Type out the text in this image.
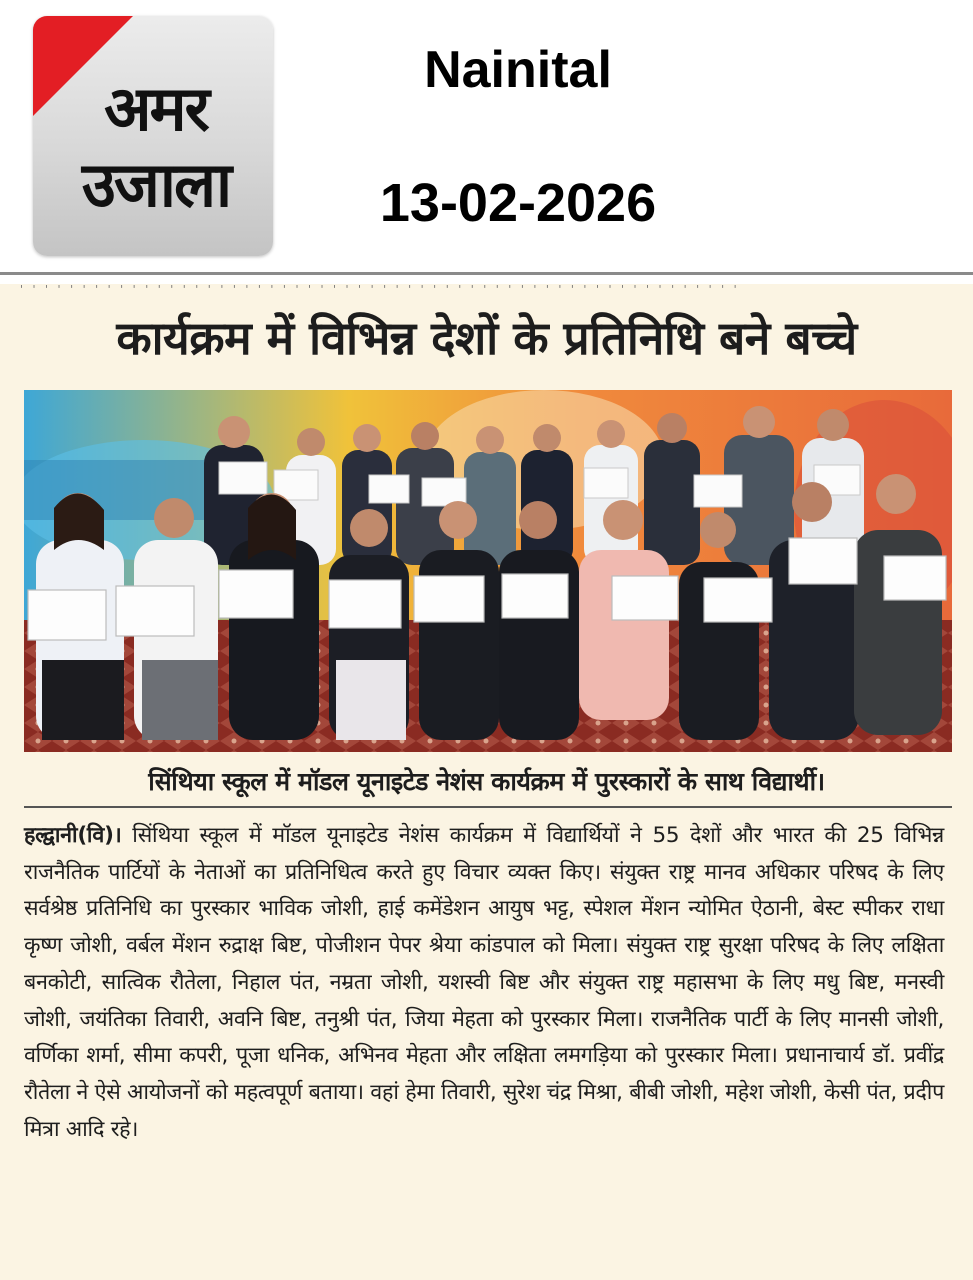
अमर
उजाला
Nainital
13-02-2026
' ' ' ' ' ' ' ' ' ' ' ' ' ' ' ' ' ' ' ' ' ' ' ' ' ' ' ' ' ' ' ' ' ' ' ' ' ' ' ' ' ' ' ' ' ' ' ' ' ' ' ' ' ' ' ' ' '
कार्यक्रम में विभिन्न देशों के प्रतिनिधि बने बच्चे
सिंथिया स्कूल में मॉडल यूनाइटेड नेशंस कार्यक्रम में पुरस्कारों के साथ विद्यार्थी।
हल्द्वानी(वि)। सिंथिया स्कूल में मॉडल यूनाइटेड नेशंस कार्यक्रम में विद्यार्थियों ने 55 देशों और भारत की 25 विभिन्न राजनैतिक पार्टियों के नेताओं का प्रतिनिधित्व करते हुए विचार व्यक्त किए। संयुक्त राष्ट्र मानव अधिकार परिषद के लिए सर्वश्रेष्ठ प्रतिनिधि का पुरस्कार भाविक जोशी, हाई कमेंडेशन आयुष भट्ट, स्पेशल मेंशन न्योमित ऐठानी, बेस्ट स्पीकर राधा कृष्ण जोशी, वर्बल मेंशन रुद्राक्ष बिष्ट, पोजीशन पेपर श्रेया कांडपाल को मिला। संयुक्त राष्ट्र सुरक्षा परिषद के लिए लक्षिता बनकोटी, सात्विक रौतेला, निहाल पंत, नम्रता जोशी, यशस्वी बिष्ट और संयुक्त राष्ट्र महासभा के लिए मधु बिष्ट, मनस्वी जोशी, जयंतिका तिवारी, अवनि बिष्ट, तनुश्री पंत, जिया मेहता को पुरस्कार मिला। राजनैतिक पार्टी के लिए मानसी जोशी, वर्णिका शर्मा, सीमा कपरी, पूजा धनिक, अभिनव मेहता और लक्षिता लमगड़िया को पुरस्कार मिला। प्रधानाचार्य डॉ. प्रवींद्र रौतेला ने ऐसे आयोजनों को महत्वपूर्ण बताया। वहां हेमा तिवारी, सुरेश चंद्र मिश्रा, बीबी जोशी, महेश जोशी, केसी पंत, प्रदीप मित्रा आदि रहे।
